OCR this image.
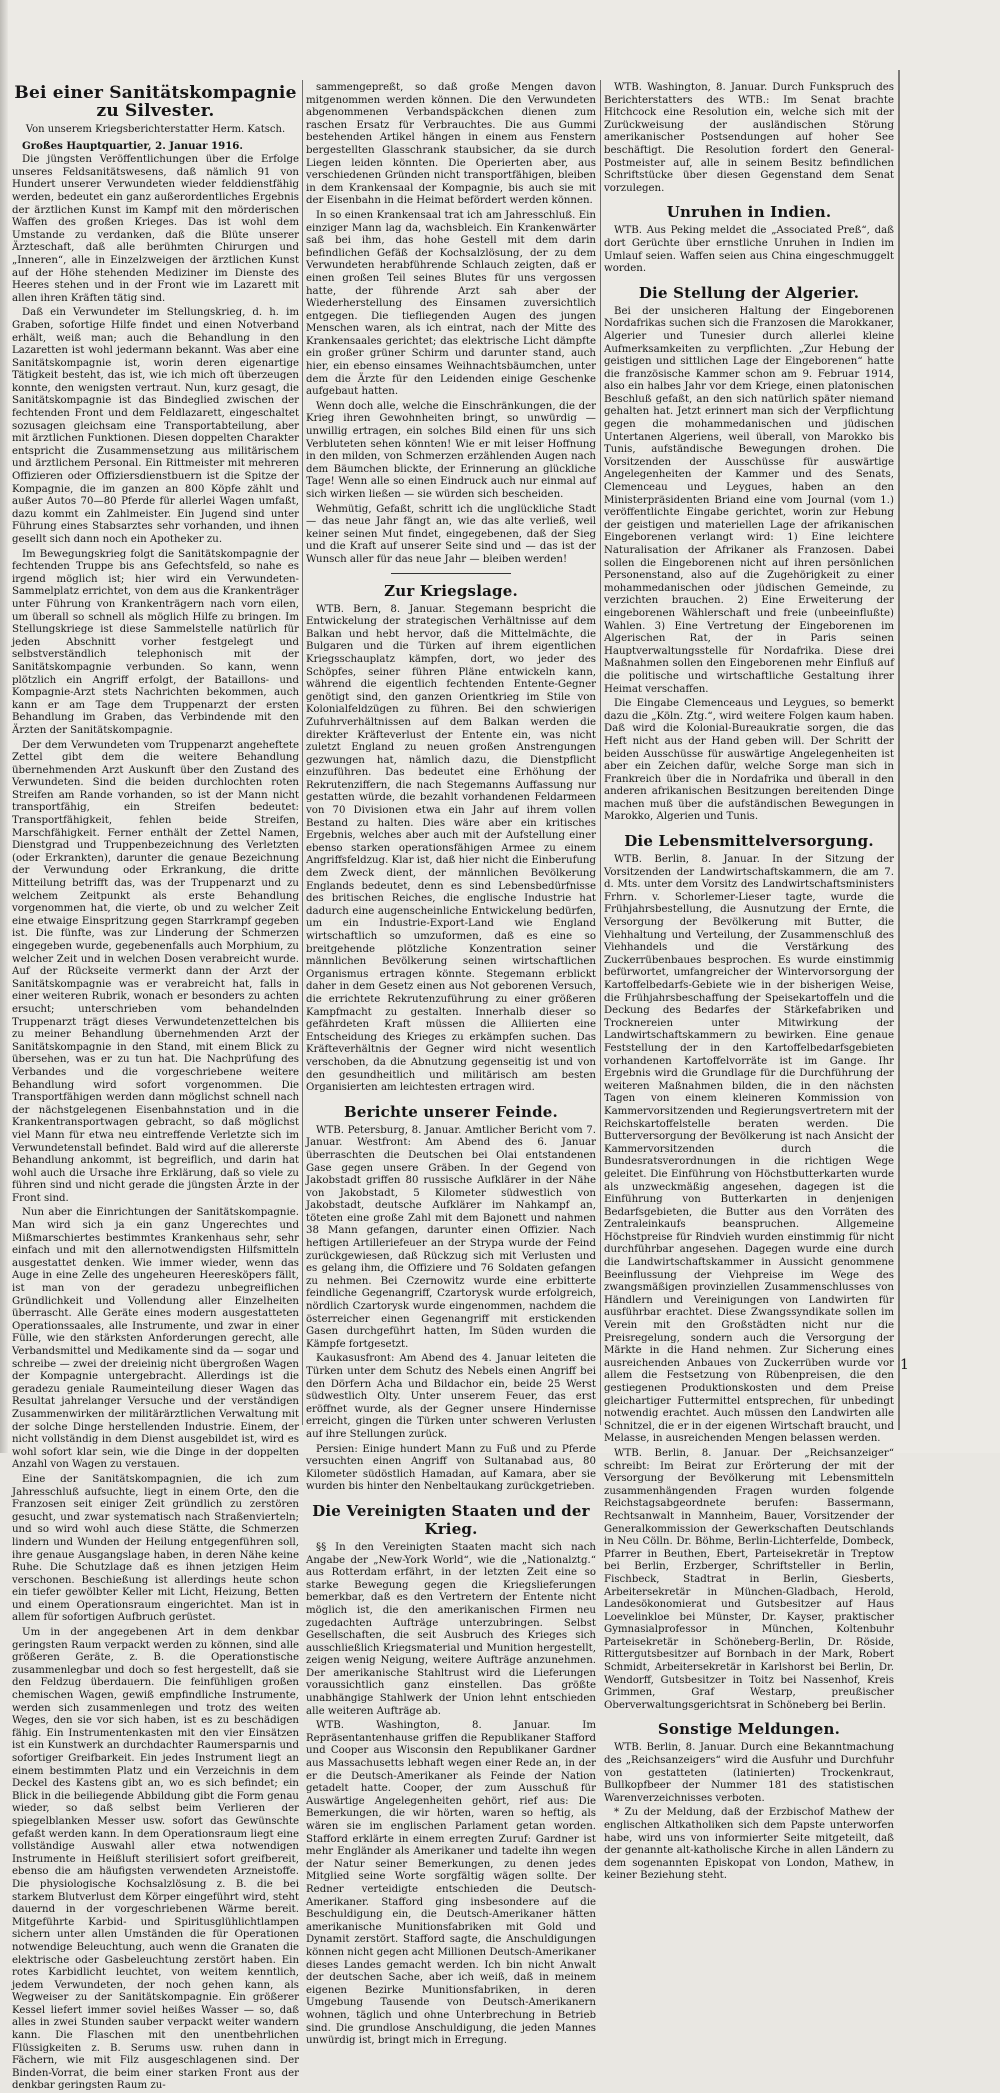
Bei einer Sanitätskompagnie zu Silvester.
Von unserem Kriegsberichterstatter Herm. Katsch.

Großes Hauptquartier, 2. Januar 1916.

Die jüngsten Veröffentlichungen über die Erfolge unseres Feldsanitätswesens, daß nämlich 91 von Hundert unserer Verwundeten wieder felddienstfähig werden, bedeutet ein ganz außerordentliches Ergebnis der ärztlichen Kunst im Kampf mit den mörderischen Waffen des großen Krieges. Das ist wohl dem Umstande zu verdanken, daß die Blüte unserer Ärzteschaft, daß alle berühmten Chirurgen und „Inneren“, alle in Einzelzweigen der ärztlichen Kunst auf der Höhe stehenden Mediziner im Dienste des Heeres stehen und in der Front wie im Lazarett mit allen ihren Kräften tätig sind.

Daß ein Verwundeter im Stellungskrieg, d. h. im Graben, sofortige Hilfe findet und einen Notverband erhält, weiß man; auch die Behandlung in den Lazaretten ist wohl jedermann bekannt. Was aber eine Sanitätskompagnie ist, worin deren eigenartige Tätigkeit besteht, das ist, wie ich mich oft überzeugen konnte, den wenigsten vertraut. Nun, kurz gesagt, die Sanitätskompagnie ist das Bindeglied zwischen der fechtenden Front und dem Feldlazarett, eingeschaltet sozusagen gleichsam eine Transportabteilung, aber mit ärztlichen Funktionen. Diesen doppelten Charakter entspricht die Zusammensetzung aus militärischem und ärztlichem Personal. Ein Rittmeister mit mehreren Offizieren oder Offiziersdienstbuern ist die Spitze der Kompagnie, die im ganzen an 800 Köpfe zählt und außer Autos 70—80 Pferde für allerlei Wagen umfaßt, dazu kommt ein Zahlmeister. Ein Jugend sind unter Führung eines Stabsarztes sehr vorhanden, und ihnen gesellt sich dann noch ein Apotheker zu.

Im Bewegungskrieg folgt die Sanitätskompagnie der fechtenden Truppe bis ans Gefechtsfeld, so nahe es irgend möglich ist; hier wird ein Verwundeten-Sammelplatz errichtet, von dem aus die Krankenträger unter Führung von Krankenträgern nach vorn eilen, um überall so schnell als möglich Hilfe zu bringen. Im Stellungskriege ist diese Sammelstelle natürlich für jeden Abschnitt vorher festgelegt und selbstverständlich telephonisch mit der Sanitätskompagnie verbunden. So kann, wenn plötzlich ein Angriff erfolgt, der Bataillons- und Kompagnie-Arzt stets Nachrichten bekommen, auch kann er am Tage dem Truppenarzt der ersten Behandlung im Graben, das Verbindende mit den Ärzten der Sanitätskompagnie.

Der dem Verwundeten vom Truppenarzt angeheftete Zettel gibt dem die weitere Behandlung übernehmenden Arzt Auskunft über den Zustand des Verwundeten. Sind die beiden durchlochten roten Streifen am Rande vorhanden, so ist der Mann nicht transportfähig, ein Streifen bedeutet: Transportfähigkeit, fehlen beide Streifen, Marschfähigkeit. Ferner enthält der Zettel Namen, Dienstgrad und Truppenbezeichnung des Verletzten (oder Erkrankten), darunter die genaue Bezeichnung der Verwundung oder Erkrankung, die dritte Mitteilung betrifft das, was der Truppenarzt und zu welchem Zeitpunkt als erste Behandlung vorgenommen hat, die vierte, ob und zu welcher Zeit eine etwaige Einspritzung gegen Starrkrampf gegeben ist. Die fünfte, was zur Linderung der Schmerzen eingegeben wurde, gegebenenfalls auch Morphium, zu welcher Zeit und in welchen Dosen verabreicht wurde. Auf der Rückseite vermerkt dann der Arzt der Sanitätskompagnie was er verabreicht hat, falls in einer weiteren Rubrik, wonach er besonders zu achten ersucht; unterschrieben vom behandelnden Truppenarzt trägt dieses Verwundetenzettelchen bis zu meiner Behandlung übernehmenden Arzt der Sanitätskompagnie in den Stand, mit einem Blick zu übersehen, was er zu tun hat. Die Nachprüfung des Verbandes und die vorgeschriebene weitere Behandlung wird sofort vorgenommen. Die Transportfähigen werden dann möglichst schnell nach der nächstgelegenen Eisenbahnstation und in die Krankentransportwagen gebracht, so daß möglichst viel Mann für etwa neu eintreffende Verletzte sich im Verwundetenstall befindet. Bald wird auf die allererste Behandlung ankommt, ist begreiflich, und darin hat wohl auch die Ursache ihre Erklärung, daß so viele zu führen sind und nicht gerade die jüngsten Ärzte in der Front sind.

Nun aber die Einrichtungen der Sanitätskompagnie. Man wird sich ja ein ganz Ungerechtes und Mißmarschiertes bestimmtes Krankenhaus sehr, sehr einfach und mit den allernotwendigsten Hilfsmitteln ausgestattet denken. Wie immer wieder, wenn das Auge in eine Zelle des ungeheuren Heeresköpers fällt, ist man von der geradezu unbegreiflichen Gründlichkeit und Vollendung aller Einzelheiten überrascht. Alle Geräte eines modern ausgestatteten Operationssaales, alle Instrumente, und zwar in einer Fülle, wie den stärksten Anforderungen gerecht, alle Verbandsmittel und Medikamente sind da — sogar und schreibe — zwei der dreieinig nicht übergroßen Wagen der Kompagnie untergebracht. Allerdings ist die geradezu geniale Raumeinteilung dieser Wagen das Resultat jahrelanger Versuche und der verständigen Zusammenwirken der militärärztlichen Verwaltung mit der solche Dinge herstellenden Industrie. Einem, der nicht vollständig in dem Dienst ausgebildet ist, wird es wohl sofort klar sein, wie die Dinge in der doppelten Anzahl von Wagen zu verstauen.

Eine der Sanitätskompagnien, die ich zum Jahresschluß aufsuchte, liegt in einem Orte, den die Franzosen seit einiger Zeit gründlich zu zerstören gesucht, und zwar systematisch nach Straßenvierteln; und so wird wohl auch diese Stätte, die Schmerzen lindern und Wunden der Heilung entgegenführen soll, ihre genaue Ausgangslage haben, in deren Nähe keine Ruhe. Die Schutzlage daß es ihnen jetzigen Heim verschonen. Beschießung ist allerdings heute schon ein tiefer gewölbter Keller mit Licht, Heizung, Betten und einem Operationsraum eingerichtet. Man ist in allem für sofortigen Aufbruch gerüstet.

Um in der angegebenen Art in dem denkbar geringsten Raum verpackt werden zu können, sind alle größeren Geräte, z. B. die Operationstische zusammenlegbar und doch so fest hergestellt, daß sie den Feldzug überdauern. Die feinfühligen großen chemischen Wagen, gewiß empfindliche Instrumente, werden sich zusammenlegen und trotz des weiten Weges, den sie vor sich haben, ist es zu beschädigen fähig. Ein Instrumentenkasten mit den vier Einsätzen ist ein Kunstwerk an durchdachter Raumersparnis und sofortiger Greifbarkeit. Ein jedes Instrument liegt an einem bestimmten Platz und ein Verzeichnis in dem Deckel des Kastens gibt an, wo es sich befindet; ein Blick in die beiliegende Abbildung gibt die Form genau wieder, so daß selbst beim Verlieren der spiegelblanken Messer usw. sofort das Gewünschte gefaßt werden kann. In dem Operationsraum liegt eine vollständige Auswahl aller etwa notwendigen Instrumente in Heißluft sterilisiert sofort greifbereit, ebenso die am häufigsten verwendeten Arzneistoffe. Die physiologische Kochsalzlösung z. B. die bei starkem Blutverlust dem Körper eingeführt wird, steht dauernd in der vorgeschriebenen Wärme bereit. Mitgeführte Karbid- und Spiritusglühlichtlampen sichern unter allen Umständen die für Operationen notwendige Beleuchtung, auch wenn die Granaten die elektrische oder Gasbeleuchtung zerstört haben. Ein rotes Karbidlicht leuchtet, von weitem kenntlich, jedem Verwundeten, der noch gehen kann, als Wegweiser zu der Sanitätskompagnie. Ein größerer Kessel liefert immer soviel heißes Wasser — so, daß alles in zwei Stunden sauber verpackt weiter wandern kann. Die Flaschen mit den unentbehrlichen Flüssigkeiten z. B. Serums usw. ruhen dann in Fächern, wie mit Filz ausgeschlagenen sind. Der Binden-Vorrat, die beim einer starken Front aus der denkbar geringsten Raum zu-

sammengepreßt, so daß große Mengen davon mitgenommen werden können. Die den Verwundeten abgenommenen Verbandspäckchen dienen zum raschen Ersatz für Verbrauchtes. Die aus Gummi bestehenden Artikel hängen in einem aus Fenstern bergestellten Glasschrank staubsicher, da sie durch Liegen leiden könnten. Die Operierten aber, aus verschiedenen Gründen nicht transportfähigen, bleiben in dem Krankensaal der Kompagnie, bis auch sie mit der Eisenbahn in die Heimat befördert werden können.

In so einen Krankensaal trat ich am Jahresschluß. Ein einziger Mann lag da, wachsbleich. Ein Krankenwärter saß bei ihm, das hohe Gestell mit dem darin befindlichen Gefäß der Kochsalzlösung, der zu dem Verwundeten herabführende Schlauch zeigten, daß er einen großen Teil seines Blutes für uns vergossen hatte, der führende Arzt sah aber der Wiederherstellung des Einsamen zuversichtlich entgegen. Die tiefliegenden Augen des jungen Menschen waren, als ich eintrat, nach der Mitte des Krankensaales gerichtet; das elektrische Licht dämpfte ein großer grüner Schirm und darunter stand, auch hier, ein ebenso einsames Weihnachtsbäumchen, unter dem die Ärzte für den Leidenden einige Geschenke aufgebaut hatten.

Wenn doch alle, welche die Einschränkungen, die der Krieg ihren Gewohnheiten bringt, so unwürdig — unwillig ertragen, ein solches Bild einen für uns sich Verbluteten sehen könnten! Wie er mit leiser Hoffnung in den milden, von Schmerzen erzählenden Augen nach dem Bäumchen blickte, der Erinnerung an glückliche Tage! Wenn alle so einen Eindruck auch nur einmal auf sich wirken ließen — sie würden sich bescheiden.

Wehmütig, Gefaßt, schritt ich die unglückliche Stadt — das neue Jahr fängt an, wie das alte verließ, weil keiner seinen Mut findet, eingegebenen, daß der Sieg und die Kraft auf unserer Seite sind und — das ist der Wunsch aller für das neue Jahr — bleiben werden!

Zur Kriegslage.

WTB. Bern, 8. Januar. Stegemann bespricht die Entwickelung der strategischen Verhältnisse auf dem Balkan und hebt hervor, daß die Mittelmächte, die Bulgaren und die Türken auf ihrem eigentlichen Kriegsschauplatz kämpfen, dort, wo jeder des Schöpfes, seiner führen Pläne entwickeln kann, während die eigentlich fechtenden Entente-Gegner genötigt sind, den ganzen Orientkrieg im Stile von Kolonialfeldzügen zu führen. Bei den schwierigen Zufuhrverhältnissen auf dem Balkan werden die direkter Kräfteverlust der Entente ein, was nicht zuletzt England zu neuen großen Anstrengungen gezwungen hat, nämlich dazu, die Dienstpflicht einzuführen. Das bedeutet eine Erhöhung der Rekrutenziffern, die nach Stegemanns Auffassung nur gestatten würde, die bezahlt vorhandenen Feldarmeen von 70 Divisionen etwa ein Jahr auf ihrem vollen Bestand zu halten. Dies wäre aber ein kritisches Ergebnis, welches aber auch mit der Aufstellung einer ebenso starken operationsfähigen Armee zu einem Angriffsfeldzug. Klar ist, daß hier nicht die Einberufung dem Zweck dient, der männlichen Bevölkerung Englands bedeutet, denn es sind Lebensbedürfnisse des britischen Reiches, die englische Industrie hat dadurch eine augenscheinliche Entwickelung bedürfen, um ein Industrie-Export-Land wie England wirtschaftlich so umzuformen, daß es eine so breitgehende plötzliche Konzentration seiner männlichen Bevölkerung seinen wirtschaftlichen Organismus ertragen könnte. Stegemann erblickt daher in dem Gesetz einen aus Not geborenen Versuch, die errichtete Rekrutenzuführung zu einer größeren Kampfmacht zu gestalten. Innerhalb dieser so gefährdeten Kraft müssen die Alliierten eine Entscheidung des Krieges zu erkämpfen suchen. Das Kräfteverhältnis der Gegner wird nicht wesentlich verschoben, da die Abnutzung gegenseitig ist und von den gesundheitlich und militärisch am besten Organisierten am leichtesten ertragen wird.

Berichte unserer Feinde.

WTB. Petersburg, 8. Januar. Amtlicher Bericht vom 7. Januar. Westfront: Am Abend des 6. Januar überraschten die Deutschen bei Olai entstandenen Gase gegen unsere Gräben. In der Gegend von Jakobstadt griffen 80 russische Aufklärer in der Nähe von Jakobstadt, 5 Kilometer südwestlich von Jakobstadt, deutsche Aufklärer im Nahkampf an, töteten eine große Zahl mit dem Bajonett und nahmen 38 Mann gefangen, darunter einen Offizier. Nach heftigen Artilleriefeuer an der Strypa wurde der Feind zurückgewiesen, daß Rückzug sich mit Verlusten und es gelang ihm, die Offiziere und 76 Soldaten gefangen zu nehmen. Bei Czernowitz wurde eine erbitterte feindliche Gegenangriff, Czartorysk wurde erfolgreich, nördlich Czartorysk wurde eingenommen, nachdem die österreicher einen Gegenangriff mit erstickenden Gasen durchgeführt hatten, Im Süden wurden die Kämpfe fortgesetzt.

Kaukasusfront: Am Abend des 4. Januar leiteten die Türken unter dem Schutz des Nebels einen Angriff bei den Dörfern Acha und Bildachor ein, beide 25 Werst südwestlich Olty. Unter unserem Feuer, das erst eröffnet wurde, als der Gegner unsere Hindernisse erreicht, gingen die Türken unter schweren Verlusten auf ihre Stellungen zurück.

Persien: Einige hundert Mann zu Fuß und zu Pferde versuchten einen Angriff von Sultanabad aus, 80 Kilometer südöstlich Hamadan, auf Kamara, aber sie wurden bis hinter den Nenbeltaukang zurückgetrieben.

Die Vereinigten Staaten und der Krieg.

§§ In den Vereinigten Staaten macht sich nach Angabe der „New-York World“, wie die „Nationalztg.“ aus Rotterdam erfährt, in der letzten Zeit eine so starke Bewegung gegen die Kriegslieferungen bemerkbar, daß es den Vertretern der Entente nicht möglich ist, die den amerikanischen Firmen neu zugedachten Aufträge unterzubringen. Selbst Gesellschaften, die seit Ausbruch des Krieges sich ausschließlich Kriegsmaterial und Munition hergestellt, zeigen wenig Neigung, weitere Aufträge anzunehmen. Der amerikanische Stahltrust wird die Lieferungen voraussichtlich ganz einstellen. Das größte unabhängige Stahlwerk der Union lehnt entschieden alle weiteren Aufträge ab.

WTB. Washington, 8. Januar. Im Repräsentantenhause griffen die Republikaner Stafford und Cooper aus Wisconsin den Republikaner Gardner aus Massachusetts lebhaft wegen einer Rede an, in der er die Deutsch-Amerikaner als Feinde der Nation getadelt hatte. Cooper, der zum Ausschuß für Auswärtige Angelegenheiten gehört, rief aus: Die Bemerkungen, die wir hörten, waren so heftig, als wären sie im englischen Parlament getan worden. Stafford erklärte in einem erregten Zuruf: Gardner ist mehr Engländer als Amerikaner und tadelte ihn wegen der Natur seiner Bemerkungen, zu denen jedes Mitglied seine Worte sorgfältig wägen sollte. Der Redner verteidigte entschieden die Deutsch-Amerikaner. Stafford ging insbesondere auf die Beschuldigung ein, die Deutsch-Amerikaner hätten amerikanische Munitionsfabriken mit Gold und Dynamit zerstört. Stafford sagte, die Anschuldigungen können nicht gegen acht Millionen Deutsch-Amerikaner dieses Landes gemacht werden. Ich bin nicht Anwalt der deutschen Sache, aber ich weiß, daß in meinem eigenen Bezirke Munitionsfabriken, in deren Umgebung Tausende von Deutsch-Amerikanern wohnen, täglich und ohne Unterbrechung in Betrieb sind. Die grundlose Anschuldigung, die jeden Mannes unwürdig ist, bringt mich in Erregung.

WTB. Washington, 8. Januar. Durch Funkspruch des Berichterstatters des WTB.: Im Senat brachte Hitchcock eine Resolution ein, welche sich mit der Zurückweisung der ausländischen Störung amerikanischer Postsendungen auf hoher See beschäftigt. Die Resolution fordert den General-Postmeister auf, alle in seinem Besitz befindlichen Schriftstücke über diesen Gegenstand dem Senat vorzulegen.

Unruhen in Indien.

WTB. Aus Peking meldet die „Associated Preß“, daß dort Gerüchte über ernstliche Unruhen in Indien im Umlauf seien. Waffen seien aus China eingeschmuggelt worden.

Die Stellung der Algerier.

Bei der unsicheren Haltung der Eingeborenen Nordafrikas suchen sich die Franzosen die Marokkaner, Algerier und Tunesier durch allerlei kleine Aufmerksamkeiten zu verpflichten. „Zur Hebung der geistigen und sittlichen Lage der Eingeborenen“ hatte die französische Kammer schon am 9. Februar 1914, also ein halbes Jahr vor dem Kriege, einen platonischen Beschluß gefaßt, an den sich natürlich später niemand gehalten hat. Jetzt erinnert man sich der Verpflichtung gegen die mohammedanischen und jüdischen Untertanen Algeriens, weil überall, von Marokko bis Tunis, aufständische Bewegungen drohen. Die Vorsitzenden der Ausschüsse für auswärtige Angelegenheiten der Kammer und des Senats, Clemenceau und Leygues, haben an den Ministerpräsidenten Briand eine vom Journal (vom 1.) veröffentlichte Eingabe gerichtet, worin zur Hebung der geistigen und materiellen Lage der afrikanischen Eingeborenen verlangt wird: 1) Eine leichtere Naturalisation der Afrikaner als Franzosen. Dabei sollen die Eingeborenen nicht auf ihren persönlichen Personenstand, also auf die Zugehörigkeit zu einer mohammedanischen oder jüdischen Gemeinde, zu verzichten brauchen. 2) Eine Erweiterung der eingeborenen Wählerschaft und freie (unbeeinflußte) Wahlen. 3) Eine Vertretung der Eingeborenen im Algerischen Rat, der in Paris seinen Hauptverwaltungsstelle für Nordafrika. Diese drei Maßnahmen sollen den Eingeborenen mehr Einfluß auf die politische und wirtschaftliche Gestaltung ihrer Heimat verschaffen.

Die Eingabe Clemenceaus und Leygues, so bemerkt dazu die „Köln. Ztg.“, wird weitere Folgen kaum haben. Daß wird die Kolonial-Bureaukratie sorgen, die das Heft nicht aus der Hand geben will. Der Schritt der beiden Ausschüsse für auswärtige Angelegenheiten ist aber ein Zeichen dafür, welche Sorge man sich in Frankreich über die in Nordafrika und überall in den anderen afrikanischen Besitzungen bereitenden Dinge machen muß über die aufständischen Bewegungen in Marokko, Algerien und Tunis.

Die Lebensmittelversorgung.

WTB. Berlin, 8. Januar. In der Sitzung der Vorsitzenden der Landwirtschaftskammern, die am 7. d. Mts. unter dem Vorsitz des Landwirtschaftsministers Frhrn. v. Schorlemer-Lieser tagte, wurde die Frühjahrsbestellung, die Ausnutzung der Ernte, die Versorgung der Bevölkerung mit Butter, die Viehhaltung und Verteilung, der Zusammenschluß des Viehhandels und die Verstärkung des Zuckerrübenbaues besprochen. Es wurde einstimmig befürwortet, umfangreicher der Wintervorsorgung der Kartoffelbedarfs-Gebiete wie in der bisherigen Weise, die Frühjahrsbeschaffung der Speisekartoffeln und die Deckung des Bedarfes der Stärkefabriken und Trocknereien unter Mitwirkung der Landwirtschaftskammern zu bewirken. Eine genaue Feststellung der in den Kartoffelbedarfsgebieten vorhandenen Kartoffelvorräte ist im Gange. Ihr Ergebnis wird die Grundlage für die Durchführung der weiteren Maßnahmen bilden, die in den nächsten Tagen von einem kleineren Kommission von Kammervorsitzenden und Regierungsvertretern mit der Reichskartoffelstelle beraten werden. Die Butterversorgung der Bevölkerung ist nach Ansicht der Kammervorsitzenden durch die Bundesratsverordnungen in die richtigen Wege geleitet. Die Einführung von Höchstbutterkarten wurde als unzweckmäßig angesehen, dagegen ist die Einführung von Butterkarten in denjenigen Bedarfsgebieten, die Butter aus den Vorräten des Zentraleinkaufs beanspruchen. Allgemeine Höchstpreise für Rindvieh wurden einstimmig für nicht durchführbar angesehen. Dagegen wurde eine durch die Landwirtschaftskammer in Aussicht genommene Beeinflussung der Viehpreise im Wege des zwangsmäßigen provinziellen Zusammenschlusses von Händlern und Vereinigungen von Landwirten für ausführbar erachtet. Diese Zwangssyndikate sollen im Verein mit den Großstädten nicht nur die Preisregelung, sondern auch die Versorgung der Märkte in die Hand nehmen. Zur Sicherung eines ausreichenden Anbaues von Zuckerrüben wurde vor allem die Festsetzung von Rübenpreisen, die den gestiegenen Produktionskosten und dem Preise gleichartiger Futtermittel entsprechen, für unbedingt notwendig erachtet. Auch müssen den Landwirten alle Schnitzel, die er in der eigenen Wirtschaft braucht, und Melasse, in ausreichenden Mengen belassen werden.

WTB. Berlin, 8. Januar. Der „Reichsanzeiger“ schreibt: Im Beirat zur Erörterung der mit der Versorgung der Bevölkerung mit Lebensmitteln zusammenhängenden Fragen wurden folgende Reichstagsabgeordnete berufen: Bassermann, Rechtsanwalt in Mannheim, Bauer, Vorsitzender der Generalkommission der Gewerkschaften Deutschlands in Neu Cölln. Dr. Böhme, Berlin-Lichterfelde, Dombeck, Pfarrer in Beuthen, Ebert, Parteisekretär in Treptow bei Berlin, Erzberger, Schriftsteller in Berlin, Fischbeck, Stadtrat in Berlin, Giesberts, Arbeitersekretär in München-Gladbach, Herold, Landesökonomierat und Gutsbesitzer auf Haus Loevelinkloe bei Münster, Dr. Kayser, praktischer Gymnasialprofessor in München, Koltenbuhr Parteisekretär in Schöneberg-Berlin, Dr. Röside, Rittergutsbesitzer auf Bornbach in der Mark, Robert Schmidt, Arbeitersekretär in Karlshorst bei Berlin, Dr. Wendorff, Gutsbesitzer in Toitz bei Nassenhof, Kreis Grimmen, Graf Westarp, preußischer Oberverwaltungsgerichtsrat in Schöneberg bei Berlin.

Sonstige Meldungen.

WTB. Berlin, 8. Januar. Durch eine Bekanntmachung des „Reichsanzeigers“ wird die Ausfuhr und Durchfuhr von gestatteten (latinierten) Trockenkraut, Bullkopfbeer der Nummer 181 des statistischen Warenverzeichnisses verboten.

* Zu der Meldung, daß der Erzbischof Mathew der englischen Altkatholiken sich dem Papste unterworfen habe, wird uns von informierter Seite mitgeteilt, daß der genannte alt-katholische Kirche in allen Ländern zu dem sogenannten Episkopat von London, Mathew, in keiner Beziehung steht.

1
